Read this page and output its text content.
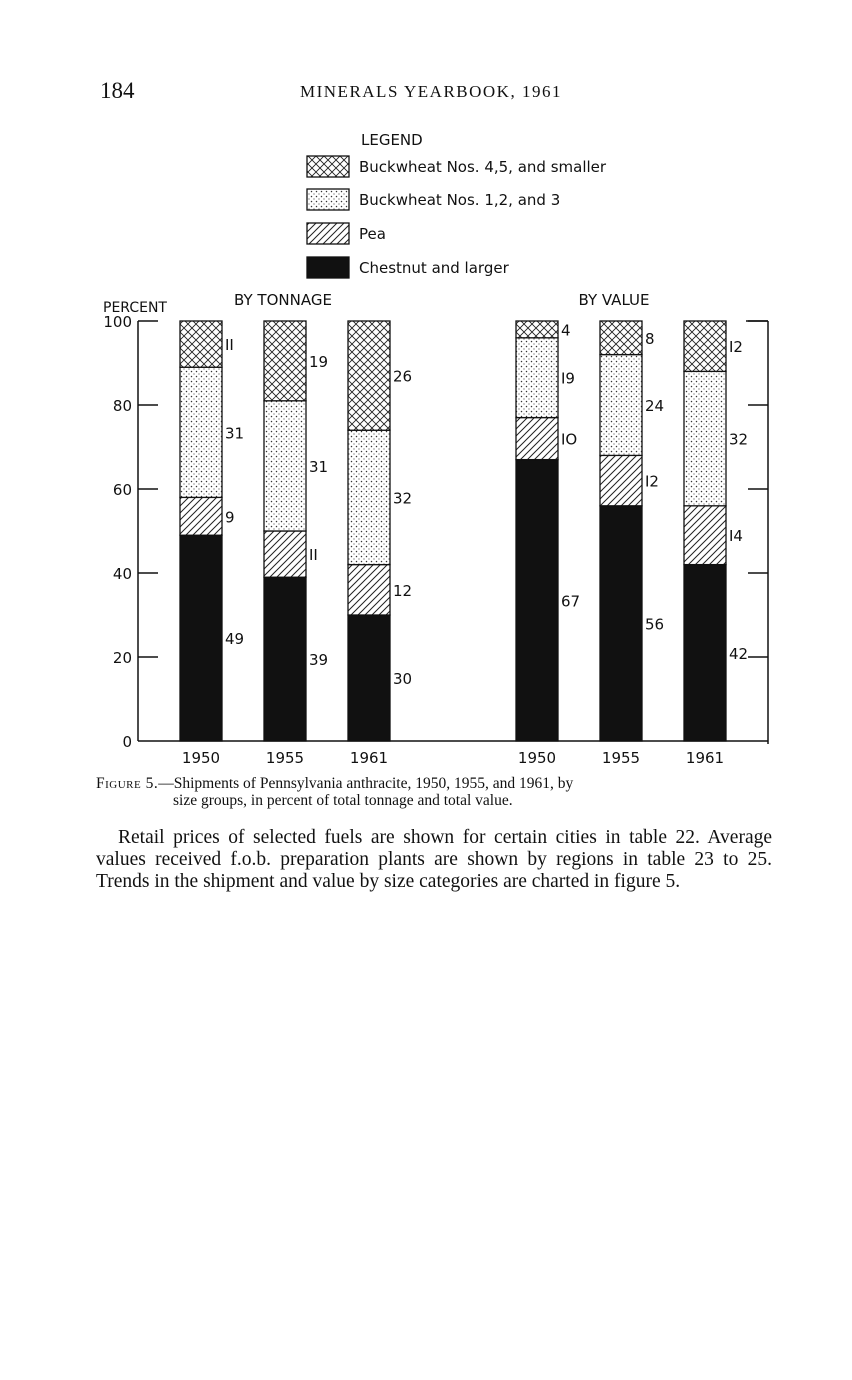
184	MINERALS YEARBOOK, 1961
LEGEND
Buckwheat Nos. 4,5, and smaller
Buckwheat Nos. 1,2, and 3
Pea
Chestnut and larger
PERCENT
0
20
40
60
80
100
BY TONNAGE
1950	1955	1961
BY VALUE
1950	1955	1961
49
9
31
II
39
II
31
19
30
12
32
26
67
IO
I9
4
56
I2
24
8
42
I4
32
I2
Figure 5.—Shipments of Pennsylvania anthracite, 1950, 1955, and 1961, by
size groups, in percent of total tonnage and total value.
Retail prices of selected fuels are shown for certain cities in table 22. Average values received f.o.b. preparation plants are shown by regions in table 23 to 25. Trends in the shipment and value by size categories are charted in figure 5.
